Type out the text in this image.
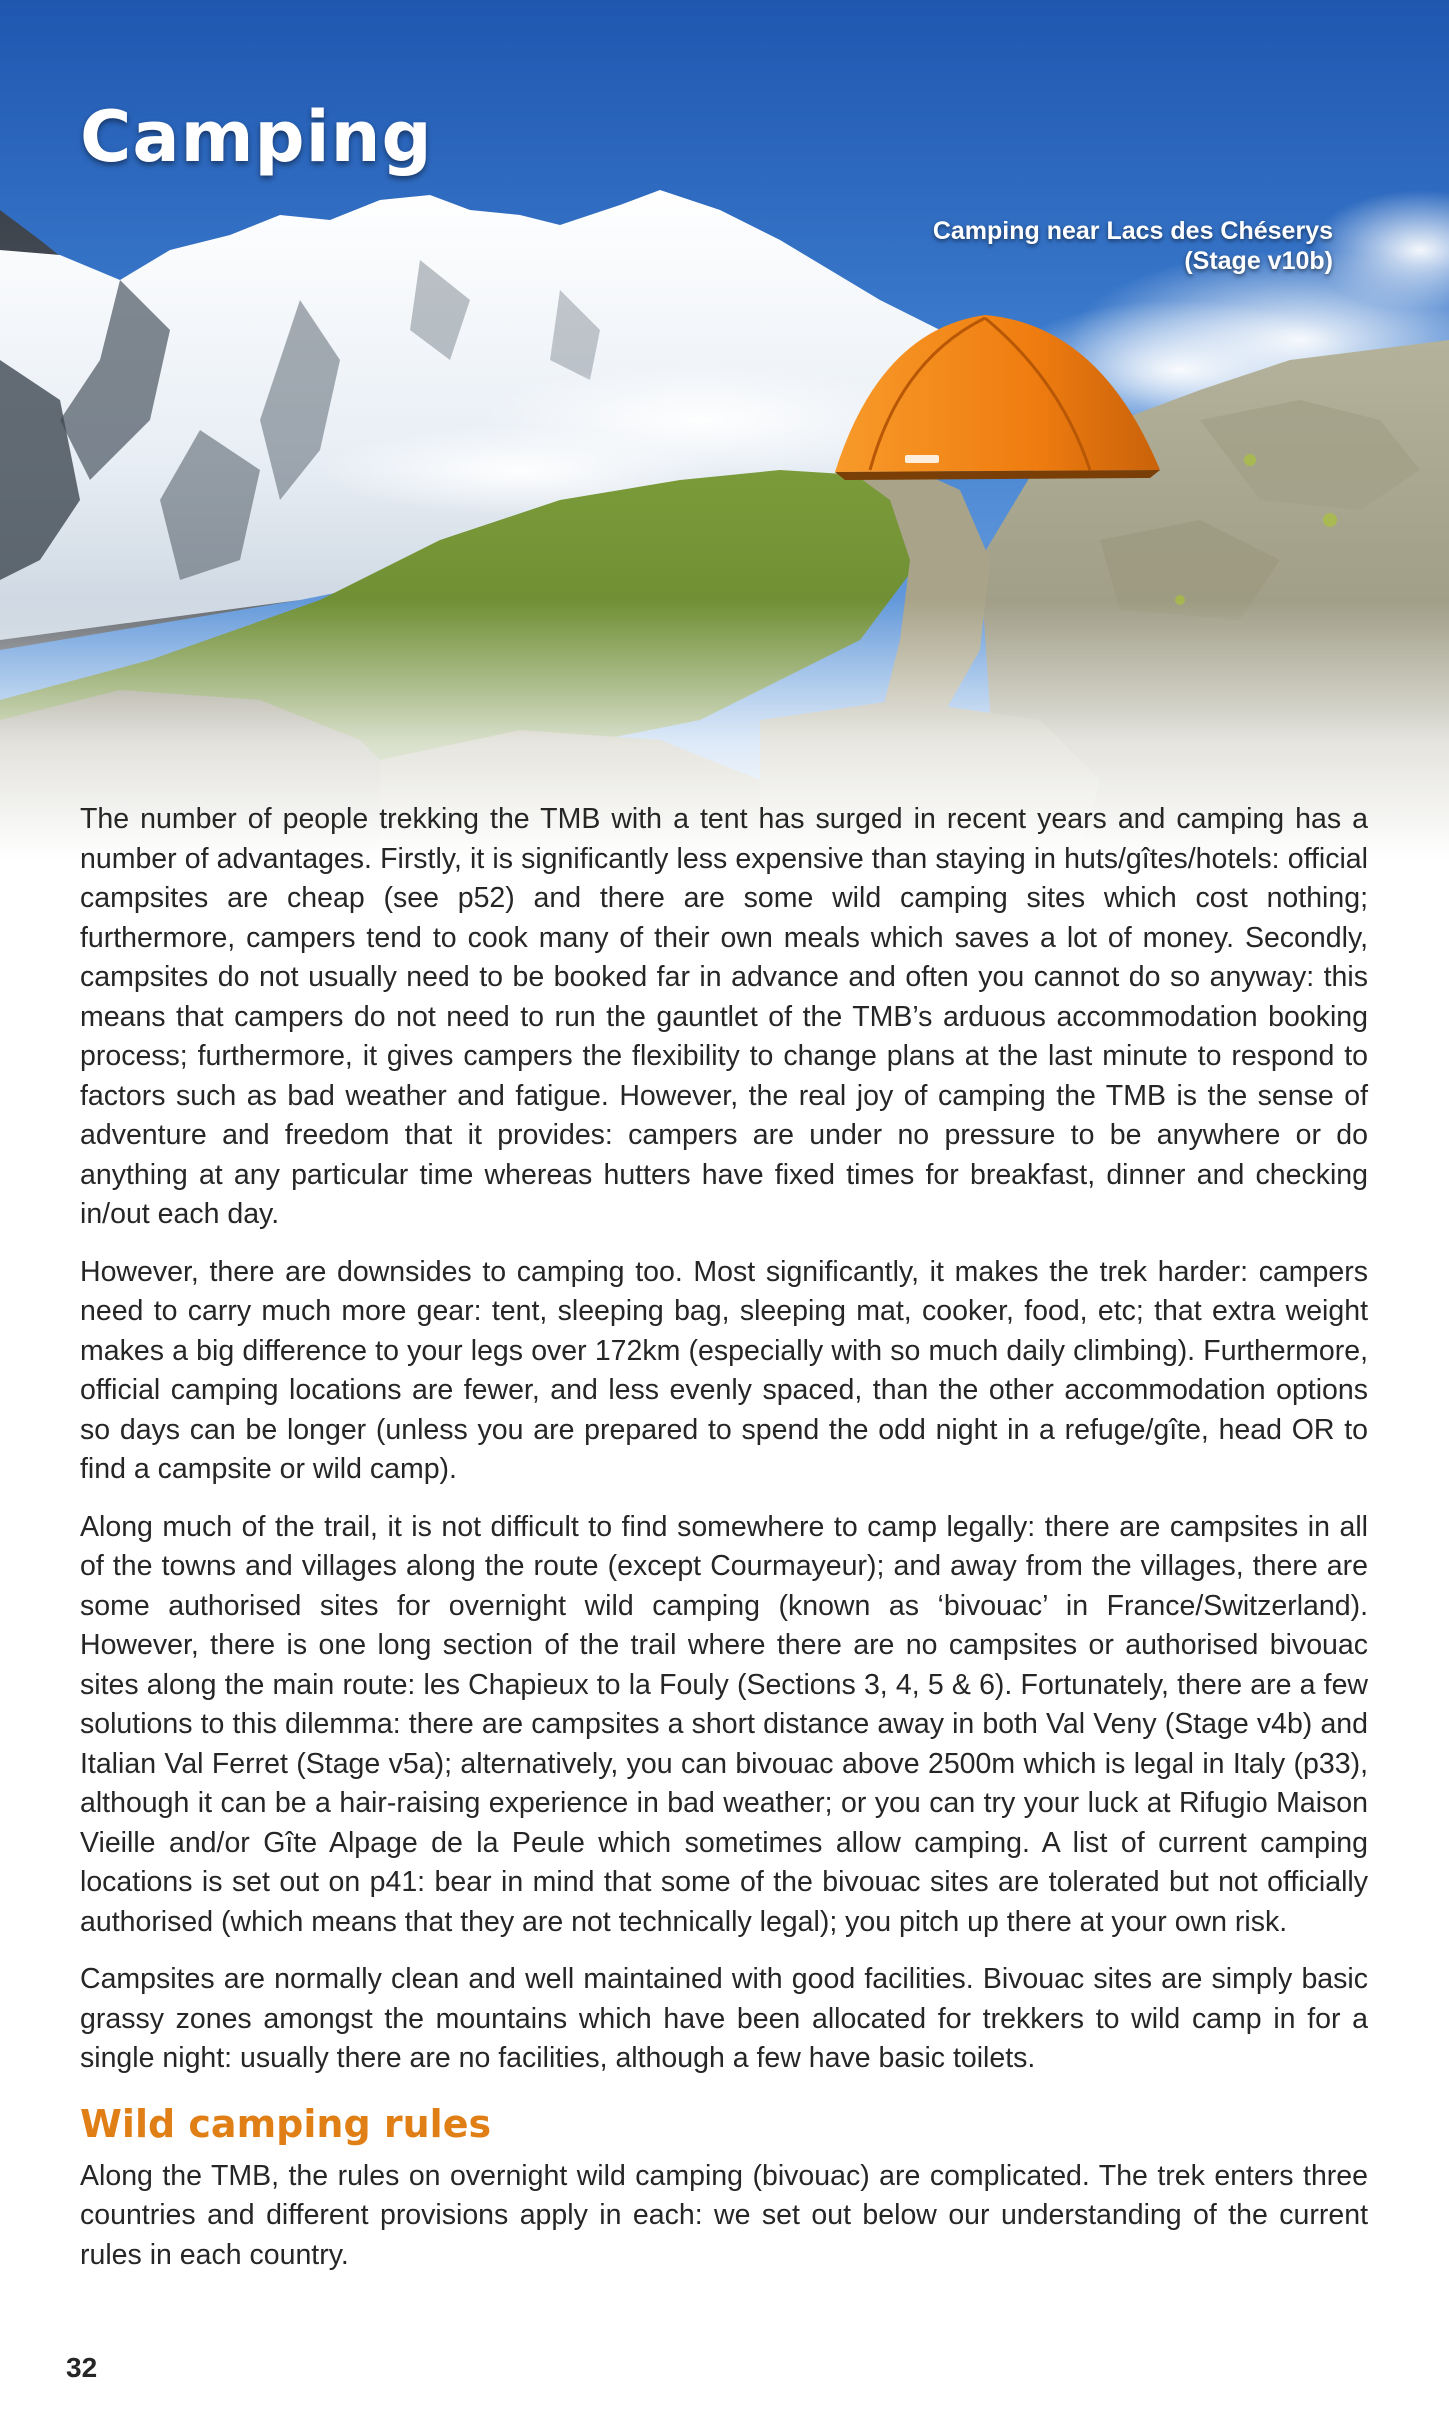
Camping
Camping near Lacs des Chéserys
(Stage v10b)

The number of people trekking the TMB with a tent has surged in recent years and camping has a number of advantages. Firstly, it is significantly less expensive than staying in huts/gîtes/hotels: official campsites are cheap (see p52) and there are some wild camping sites which cost nothing; furthermore, campers tend to cook many of their own meals which saves a lot of money. Secondly, campsites do not usually need to be booked far in advance and often you cannot do so anyway: this means that campers do not need to run the gauntlet of the TMB’s arduous accommodation booking process; furthermore, it gives campers the flexibility to change plans at the last minute to respond to factors such as bad weather and fatigue. However, the real joy of camping the TMB is the sense of adventure and freedom that it provides: campers are under no pressure to be anywhere or do anything at any particular time whereas hutters have fixed times for breakfast, dinner and checking in/out each day.

However, there are downsides to camping too. Most significantly, it makes the trek harder: campers need to carry much more gear: tent, sleeping bag, sleeping mat, cooker, food, etc; that extra weight makes a big difference to your legs over 172km (especially with so much daily climbing). Furthermore, official camping locations are fewer, and less evenly spaced, than the other accommodation options so days can be longer (unless you are prepared to spend the odd night in a refuge/gîte, head OR to find a campsite or wild camp).

Along much of the trail, it is not difficult to find somewhere to camp legally: there are campsites in all of the towns and villages along the route (except Courmayeur); and away from the villages, there are some authorised sites for overnight wild camping (known as ‘bivouac’ in France/Switzerland). However, there is one long section of the trail where there are no campsites or authorised bivouac sites along the main route: les Chapieux to la Fouly (Sections 3, 4, 5 & 6). Fortunately, there are a few solutions to this dilemma: there are campsites a short distance away in both Val Veny (Stage v4b) and Italian Val Ferret (Stage v5a); alternatively, you can bivouac above 2500m which is legal in Italy (p33), although it can be a hair-raising experience in bad weather; or you can try your luck at Rifugio Maison Vieille and/or Gîte Alpage de la Peule which sometimes allow camping. A list of current camping locations is set out on p41: bear in mind that some of the bivouac sites are tolerated but not officially authorised (which means that they are not technically legal); you pitch up there at your own risk.

Campsites are normally clean and well maintained with good facilities. Bivouac sites are simply basic grassy zones amongst the mountains which have been allocated for trekkers to wild camp in for a single night: usually there are no facilities, although a few have basic toilets.

Wild camping rules

Along the TMB, the rules on overnight wild camping (bivouac) are complicated. The trek enters three countries and different provisions apply in each: we set out below our understanding of the current rules in each country.

32
